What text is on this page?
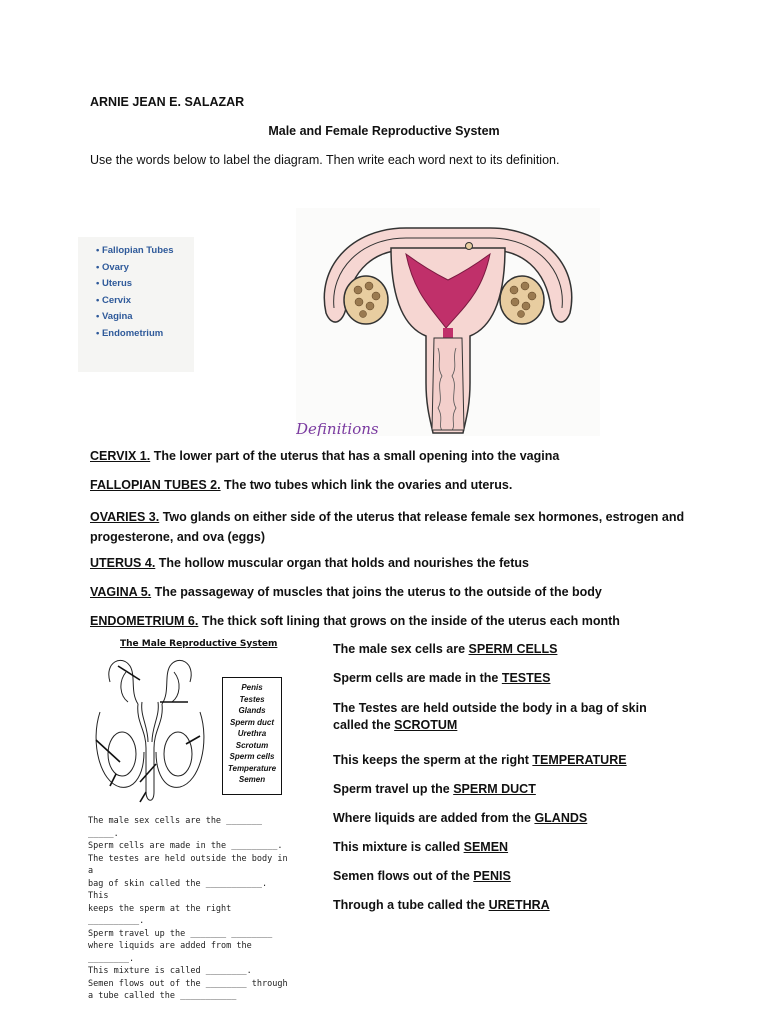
ARNIE JEAN E. SALAZAR
Male and Female Reproductive System
Use the words below to label the diagram. Then write each word next to its definition.
• Fallopian Tubes
• Ovary
• Uterus
• Cervix
• Vagina
• Endometrium
Definitions
CERVIX 1. The lower part of the uterus that has a small opening into the vagina
FALLOPIAN TUBES 2. The two tubes which link the ovaries and uterus.
OVARIES 3. Two glands on either side of the uterus that release female sex hormones, estrogen and progesterone, and ova (eggs)
UTERUS 4. The hollow muscular organ that holds and nourishes the fetus
VAGINA 5. The passageway of muscles that joins the uterus to the outside of the body
ENDOMETRIUM 6. The thick soft lining that grows on the inside of the uterus each month
The Male Reproductive System
Penis
Testes
Glands
Sperm duct
Urethra
Scrotum
Sperm cells
Temperature
Semen
The male sex cells are the _______ _____.
Sperm cells are made in the _________.
The testes are held outside the body in a
bag of skin called the ___________. This
keeps the sperm at the right __________.
Sperm travel up the _______ ________
where liquids are added from the ________.
This mixture is called ________.
Semen flows out of the ________ through
a tube called the ___________
The male sex cells are SPERM CELLS
Sperm cells are made in the TESTES
The Testes are held outside the body in a bag of skin called the SCROTUM
This keeps the sperm at the right TEMPERATURE
Sperm travel up the SPERM DUCT
Where liquids are added from the GLANDS
This mixture is called SEMEN
Semen flows out of the PENIS
Through a tube called the URETHRA
